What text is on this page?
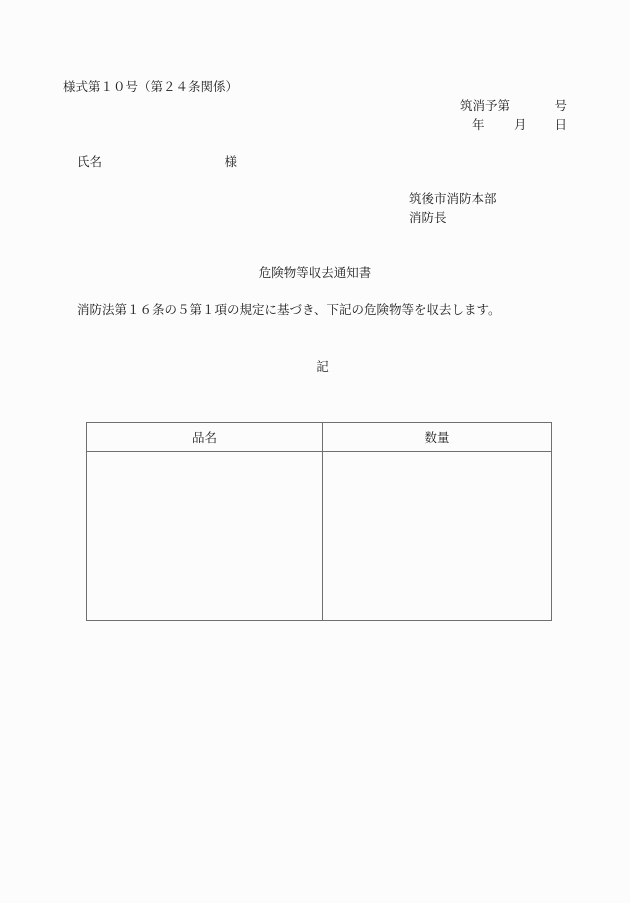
様式第１０号（第２４条関係）
筑消予第	号
年 月 日
氏名	様
筑後市消防本部
消防長
危険物等収去通知書
消防法第１６条の５第１項の規定に基づき、下記の危険物等を収去します。
記
品名	数量
